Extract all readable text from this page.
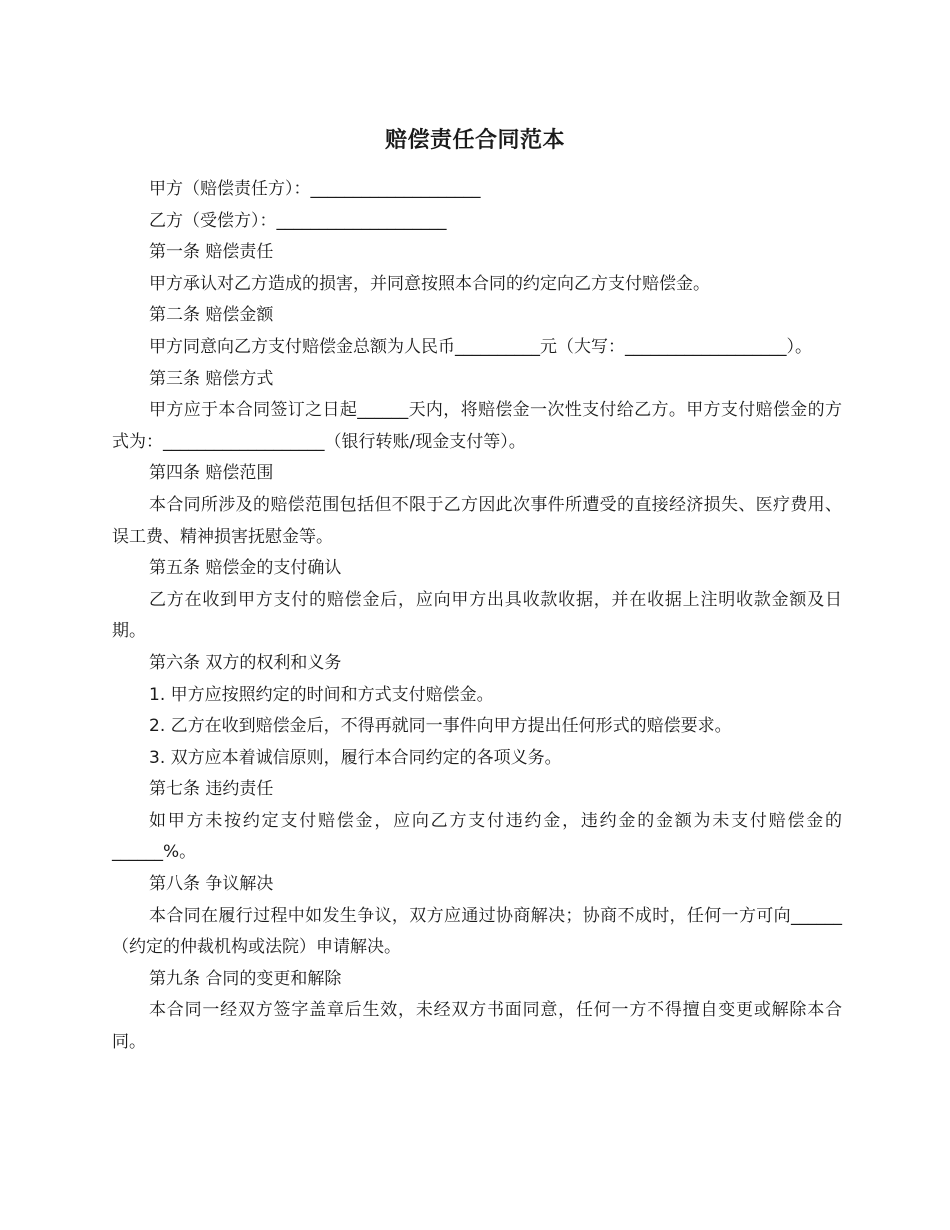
赔偿责任合同范本

甲方（赔偿责任方）：____________________

乙方（受偿方）：____________________

第一条 赔偿责任

甲方承认对乙方造成的损害，并同意按照本合同的约定向乙方支付赔偿金。

第二条 赔偿金额

甲方同意向乙方支付赔偿金总额为人民币__________元（大写：___________________）。

第三条 赔偿方式

甲方应于本合同签订之日起______天内，将赔偿金一次性支付给乙方。甲方支付赔偿金的方式为：___________________（银行转账/现金支付等）。

第四条 赔偿范围

本合同所涉及的赔偿范围包括但不限于乙方因此次事件所遭受的直接经济损失、医疗费用、误工费、精神损害抚慰金等。

第五条 赔偿金的支付确认

乙方在收到甲方支付的赔偿金后，应向甲方出具收款收据，并在收据上注明收款金额及日期。

第六条 双方的权利和义务

1. 甲方应按照约定的时间和方式支付赔偿金。

2. 乙方在收到赔偿金后，不得再就同一事件向甲方提出任何形式的赔偿要求。

3. 双方应本着诚信原则，履行本合同约定的各项义务。

第七条 违约责任

如甲方未按约定支付赔偿金，应向乙方支付违约金，违约金的金额为未支付赔偿金的______%。

第八条 争议解决

本合同在履行过程中如发生争议，双方应通过协商解决；协商不成时，任何一方可向______（约定的仲裁机构或法院）申请解决。

第九条 合同的变更和解除

本合同一经双方签字盖章后生效，未经双方书面同意，任何一方不得擅自变更或解除本合同。
